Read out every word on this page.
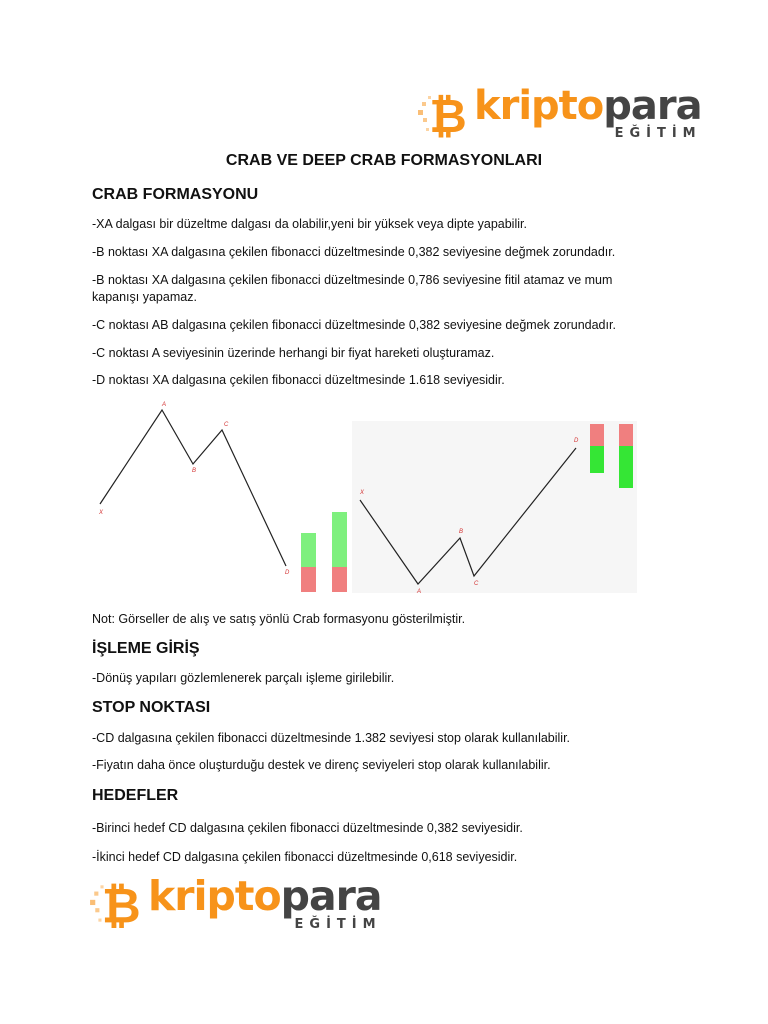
₿ kriptopara
EĞİTİM
CRAB VE DEEP CRAB FORMASYONLARI
CRAB FORMASYONU
-XA dalgası bir düzeltme dalgası da olabilir,yeni bir yüksek veya dipte yapabilir.
-B noktası XA dalgasına çekilen fibonacci düzeltmesinde 0,382 seviyesine değmek zorundadır.
-B noktası XA dalgasına çekilen fibonacci düzeltmesinde 0,786 seviyesine fitil atamaz ve mum kapanışı yapamaz.
-C noktası AB dalgasına çekilen fibonacci düzeltmesinde 0,382 seviyesine değmek zorundadır.
-C noktası A seviyesinin üzerinde herhangi bir fiyat hareketi oluşturamaz.
-D noktası XA dalgasına çekilen fibonacci düzeltmesinde 1.618 seviyesidir.
X
A
B
C
D
X
A
B
C
D
Not: Görseller de alış ve satış yönlü Crab formasyonu gösterilmiştir.
İŞLEME GİRİŞ
-Dönüş yapıları gözlemlenerek parçalı işleme girilebilir.
STOP NOKTASI
-CD dalgasına çekilen fibonacci düzeltmesinde 1.382 seviyesi stop olarak kullanılabilir.
-Fiyatın daha önce oluşturduğu destek ve direnç seviyeleri stop olarak kullanılabilir.
HEDEFLER
-Birinci hedef CD dalgasına çekilen fibonacci düzeltmesinde 0,382 seviyesidir.
-İkinci hedef CD dalgasına çekilen fibonacci düzeltmesinde 0,618 seviyesidir.
₿ kriptopara
EĞİTİM
